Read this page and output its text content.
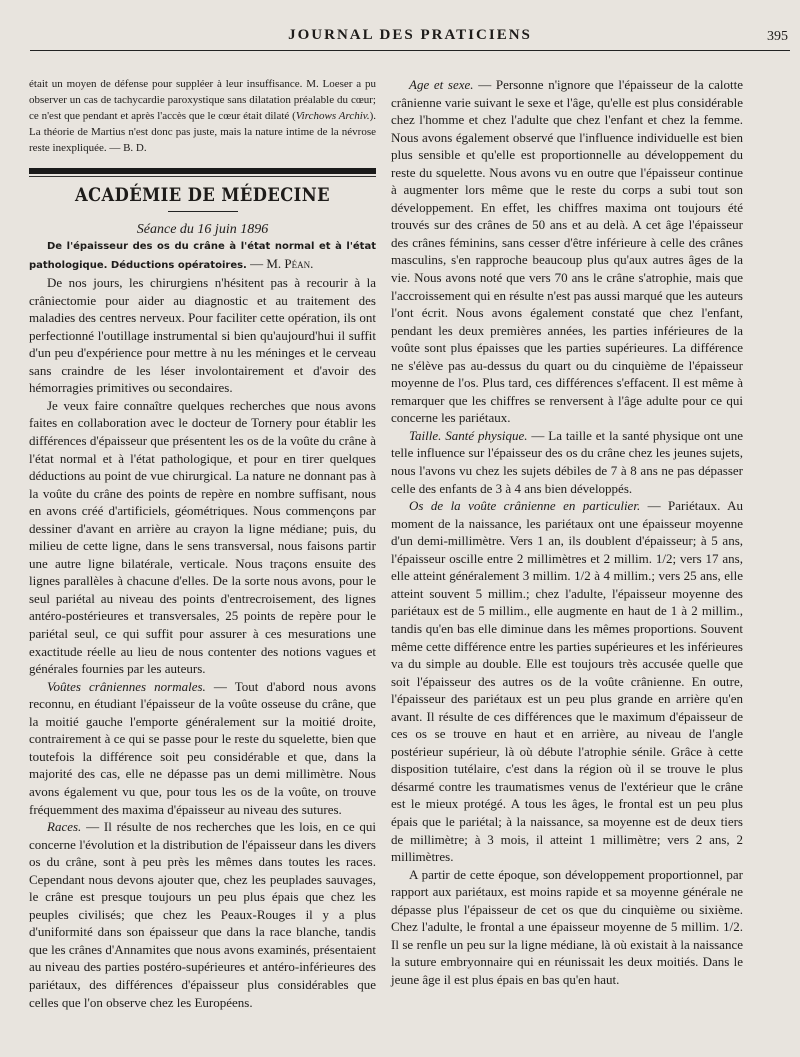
JOURNAL DES PRATICIENS	395

était un moyen de défense pour suppléer à leur insuffisance. M. Loeser a pu observer un cas de tachycardie paroxystique sans dilatation préalable du cœur; ce n'est que pendant et après l'accès que le cœur était dilaté (Virchows Archiv.). La théorie de Martius n'est donc pas juste, mais la nature intime de la névrose reste inexpliquée. — B. D.

ACADÉMIE DE MÉDECINE
Séance du 16 juin 1896

De l'épaisseur des os du crâne à l'état normal et à l'état pathologique. Déductions opératoires. — M. Péan.

De nos jours, les chirurgiens n'hésitent pas à recourir à la crâniectomie pour aider au diagnostic et au traitement des maladies des centres nerveux. Pour faciliter cette opération, ils ont perfectionné l'outillage instrumental si bien qu'aujourd'hui il suffit d'un peu d'expérience pour mettre à nu les méninges et le cerveau sans craindre de les léser involontairement et d'avoir des hémorragies primitives ou secondaires.

Je veux faire connaître quelques recherches que nous avons faites en collaboration avec le docteur de Tornery pour établir les différences d'épaisseur que présentent les os de la voûte du crâne à l'état normal et à l'état pathologique, et pour en tirer quelques déductions au point de vue chirurgical. La nature ne donnant pas à la voûte du crâne des points de repère en nombre suffisant, nous en avons créé d'artificiels, géométriques. Nous commençons par dessiner d'avant en arrière au crayon la ligne médiane; puis, du milieu de cette ligne, dans le sens transversal, nous faisons partir une autre ligne bilatérale, verticale. Nous traçons ensuite des lignes parallèles à chacune d'elles. De la sorte nous avons, pour le seul pariétal au niveau des points d'entrecroisement, des lignes antéro-postérieures et transversales, 25 points de repère pour le pariétal seul, ce qui suffit pour assurer à ces mesurations une exactitude réelle au lieu de nous contenter des notions vagues et générales fournies par les auteurs.

Voûtes crâniennes normales. — Tout d'abord nous avons reconnu, en étudiant l'épaisseur de la voûte osseuse du crâne, que la moitié gauche l'emporte généralement sur la moitié droite, contrairement à ce qui se passe pour le reste du squelette, bien que toutefois la différence soit peu considérable et que, dans la majorité des cas, elle ne dépasse pas un demi millimètre. Nous avons également vu que, pour tous les os de la voûte, on trouve fréquemment des maxima d'épaisseur au niveau des sutures.

Races. — Il résulte de nos recherches que les lois, en ce qui concerne l'évolution et la distribution de l'épaisseur dans les divers os du crâne, sont à peu près les mêmes dans toutes les races. Cependant nous devons ajouter que, chez les peuplades sauvages, le crâne est presque toujours un peu plus épais que chez les peuples civilisés; que chez les Peaux-Rouges il y a plus d'uniformité dans son épaisseur que dans la race blanche, tandis que les crânes d'Annamites que nous avons examinés, présentaient au niveau des parties postéro-supérieures et antéro-inférieures des pariétaux, des différences d'épaisseur plus considérables que celles que l'on observe chez les Européens.

Age et sexe. — Personne n'ignore que l'épaisseur de la calotte crânienne varie suivant le sexe et l'âge, qu'elle est plus considérable chez l'homme et chez l'adulte que chez l'enfant et chez la femme. Nous avons également observé que l'influence individuelle est bien plus sensible et qu'elle est proportionnelle au développement du reste du squelette. Nous avons vu en outre que l'épaisseur continue à augmenter lors même que le reste du corps a subi tout son développement. En effet, les chiffres maxima ont toujours été trouvés sur des crânes de 50 ans et au delà. A cet âge l'épaisseur des crânes féminins, sans cesser d'être inférieure à celle des crânes masculins, s'en rapproche beaucoup plus qu'aux autres âges de la vie. Nous avons noté que vers 70 ans le crâne s'atrophie, mais que l'accroissement qui en résulte n'est pas aussi marqué que les auteurs l'ont écrit. Nous avons également constaté que chez l'enfant, pendant les deux premières années, les parties inférieures de la voûte sont plus épaisses que les parties supérieures. La différence ne s'élève pas au-dessus du quart ou du cinquième de l'épaisseur moyenne de l'os. Plus tard, ces différences s'effacent. Il est même à remarquer que les chiffres se renversent à l'âge adulte pour ce qui concerne les pariétaux.

Taille. Santé physique. — La taille et la santé physique ont une telle influence sur l'épaisseur des os du crâne chez les jeunes sujets, nous l'avons vu chez les sujets débiles de 7 à 8 ans ne pas dépasser celle des enfants de 3 à 4 ans bien développés.

Os de la voûte crânienne en particulier. — Pariétaux. Au moment de la naissance, les pariétaux ont une épaisseur moyenne d'un demi-millimètre. Vers 1 an, ils doublent d'épaisseur; à 5 ans, l'épaisseur oscille entre 2 millimètres et 2 millim. 1/2; vers 17 ans, elle atteint généralement 3 millim. 1/2 à 4 millim.; vers 25 ans, elle atteint souvent 5 millim.; chez l'adulte, l'épaisseur moyenne des pariétaux est de 5 millim., elle augmente en haut de 1 à 2 millim., tandis qu'en bas elle diminue dans les mêmes proportions. Souvent même cette différence entre les parties supérieures et les inférieures va du simple au double. Elle est toujours très accusée quelle que soit l'épaisseur des autres os de la voûte crânienne. En outre, l'épaisseur des pariétaux est un peu plus grande en arrière qu'en avant. Il résulte de ces différences que le maximum d'épaisseur de ces os se trouve en haut et en arrière, au niveau de l'angle postérieur supérieur, là où débute l'atrophie sénile. Grâce à cette disposition tutélaire, c'est dans la région où il se trouve le plus désarmé contre les traumatismes venus de l'extérieur que le crâne est le mieux protégé. A tous les âges, le frontal est un peu plus épais que le pariétal; à la naissance, sa moyenne est de deux tiers de millimètre; à 3 mois, il atteint 1 millimètre; vers 2 ans, 2 millimètres.

A partir de cette époque, son développement proportionnel, par rapport aux pariétaux, est moins rapide et sa moyenne générale ne dépasse plus l'épaisseur de cet os que du cinquième ou sixième. Chez l'adulte, le frontal a une épaisseur moyenne de 5 millim. 1/2. Il se renfle un peu sur la ligne médiane, là où existait à la naissance la suture embryonnaire qui en réunissait les deux moitiés. Dans le jeune âge il est plus épais en bas qu'en haut.
